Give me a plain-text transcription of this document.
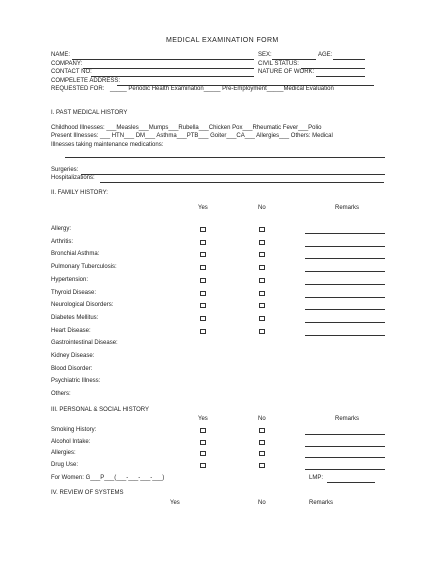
MEDICAL EXAMINATION FORM
NAME:	SEX:	AGE:
COMPANY:	CIVIL STATUS:
CONTACT NO:	NATURE OF WORK:
COMPELETE ADDRESS:
REQUESTED FOR: _____ Periodic Health Examination_____ Pre-Employment_____Medical Evaluation
I. PAST MEDICAL HISTORY
Childhood Illnesses: ___Measles___Mumps___Rubella___Chicken Pox___Rheumatic Fever___Polio
Present Illnesses: ___ HTN___ DM___ Asthma___PTB___ Goiter___CA___ Allergies___ Others: Medical
Illnesses taking maintenance medications:
Surgeries:
Hospitalizations:
II. FAMILY HISTORY:
Yes	No	Remarks
Allergy:
Arthritis:
Bronchial Asthma:
Pulmonary Tuberculosis:
Hypertension:
Thyroid Disease:
Neurological Disorders:
Diabetes Mellitus:
Heart Disease:
Gastrointestinal Disease:
Kidney Disease:
Blood Disorder:
Psychiatric Illness:
Others:
III. PERSONAL & SOCIAL HISTORY
Yes	No	Remarks
Smoking History:
Alcohol Intake:
Allergies:
Drug Use:
For Women: G___P___(___-___-___-___)	LMP:
IV. REVIEW OF SYSTEMS
Yes	No	Remarks
